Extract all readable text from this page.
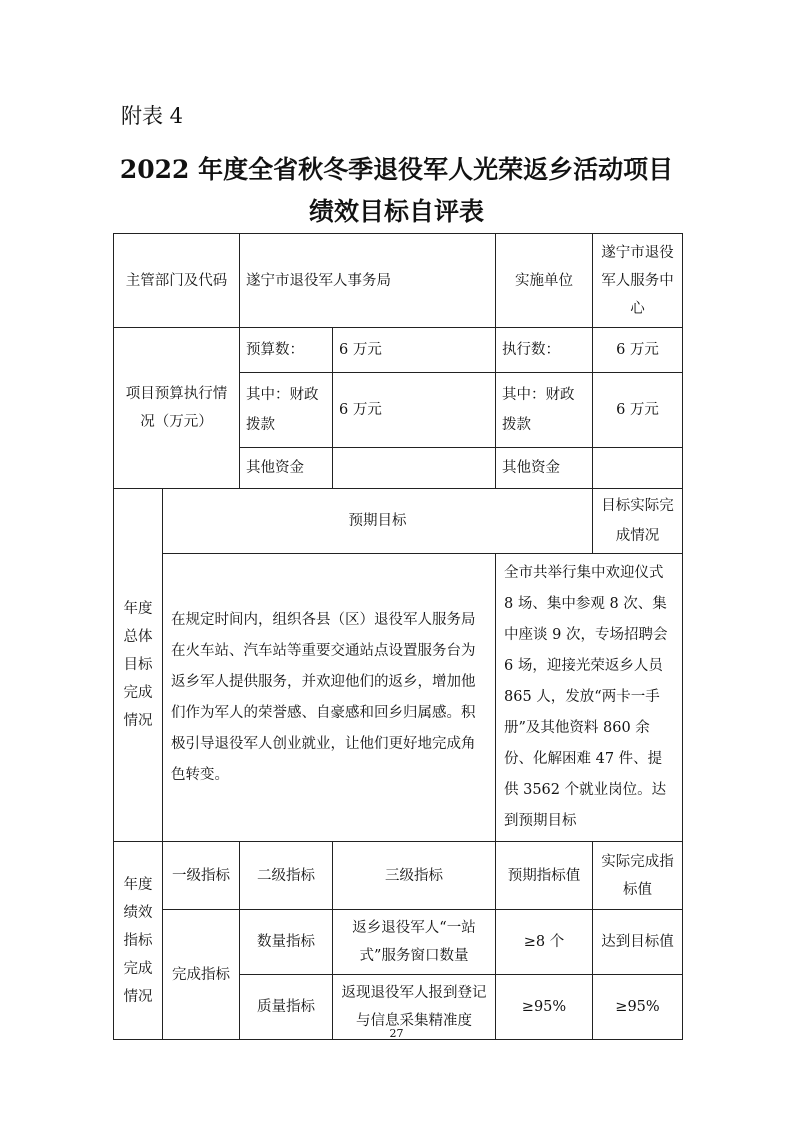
附表 4
2022 年度全省秋冬季退役军人光荣返乡活动项目
绩效目标自评表
主管部门及代码		遂宁市退役军人事务局		实施单位	遂宁市退役军人服务中心
项目预算执行情况（万元）		预算数：	6 万元	执行数：	6 万元
		其中：财政拨款	6 万元	其中：财政拨款	6 万元
		其他资金		其他资金	
年度总体目标完成情况	预期目标				目标实际完成情况
	在规定时间内，组织各县（区）退役军人服务局在火车站、汽车站等重要交通站点设置服务台为返乡军人提供服务，并欢迎他们的返乡，增加他们作为军人的荣誉感、自豪感和回乡归属感。积极引导退役军人创业就业，让他们更好地完成角色转变。			全市共举行集中欢迎仪式 8 场、集中参观 8 次、集中座谈 9 次，专场招聘会 6 场，迎接光荣返乡人员 865 人，发放“两卡一手册”及其他资料 860 余份、化解困难 47 件、提供 3562 个就业岗位。达到预期目标	
年度绩效指标完成情况	一级指标	二级指标	三级指标	预期指标值	实际完成指标值
	完成指标	数量指标	返乡退役军人“一站式”服务窗口数量	≥8 个	达到目标值
		质量指标	返现退役军人报到登记与信息采集精准度	≥95%	≥95%
27
